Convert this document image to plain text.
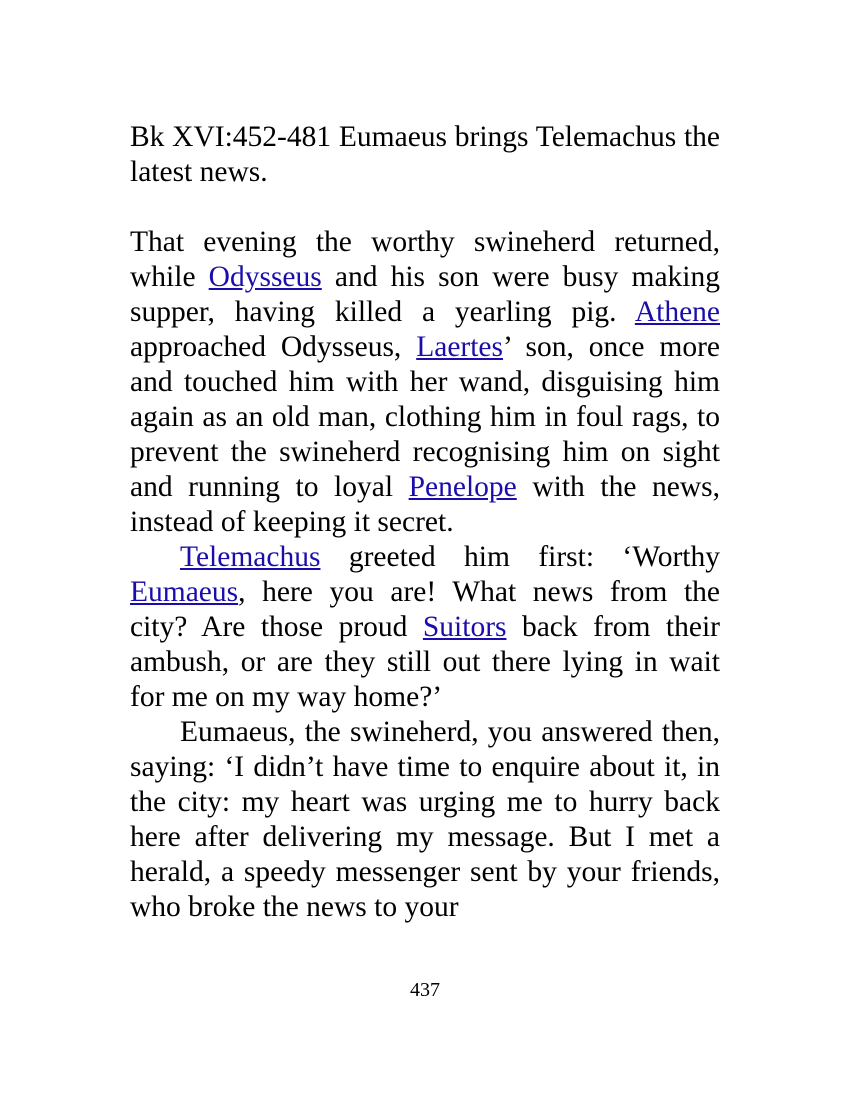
Bk XVI:452-481 Eumaeus brings Telemachus the latest news.

That evening the worthy swineherd returned, while Odysseus and his son were busy making supper, having killed a yearling pig. Athene approached Odysseus, Laertes’ son, once more and touched him with her wand, disguising him again as an old man, clothing him in foul rags, to prevent the swineherd recognising him on sight and running to loyal Penelope with the news, instead of keeping it secret.

Telemachus greeted him first: ‘Worthy Eumaeus, here you are! What news from the city? Are those proud Suitors back from their ambush, or are they still out there lying in wait for me on my way home?’

Eumaeus, the swineherd, you answered then, saying: ‘I didn’t have time to enquire about it, in the city: my heart was urging me to hurry back here after delivering my message. But I met a herald, a speedy messenger sent by your friends, who broke the news to your

437
